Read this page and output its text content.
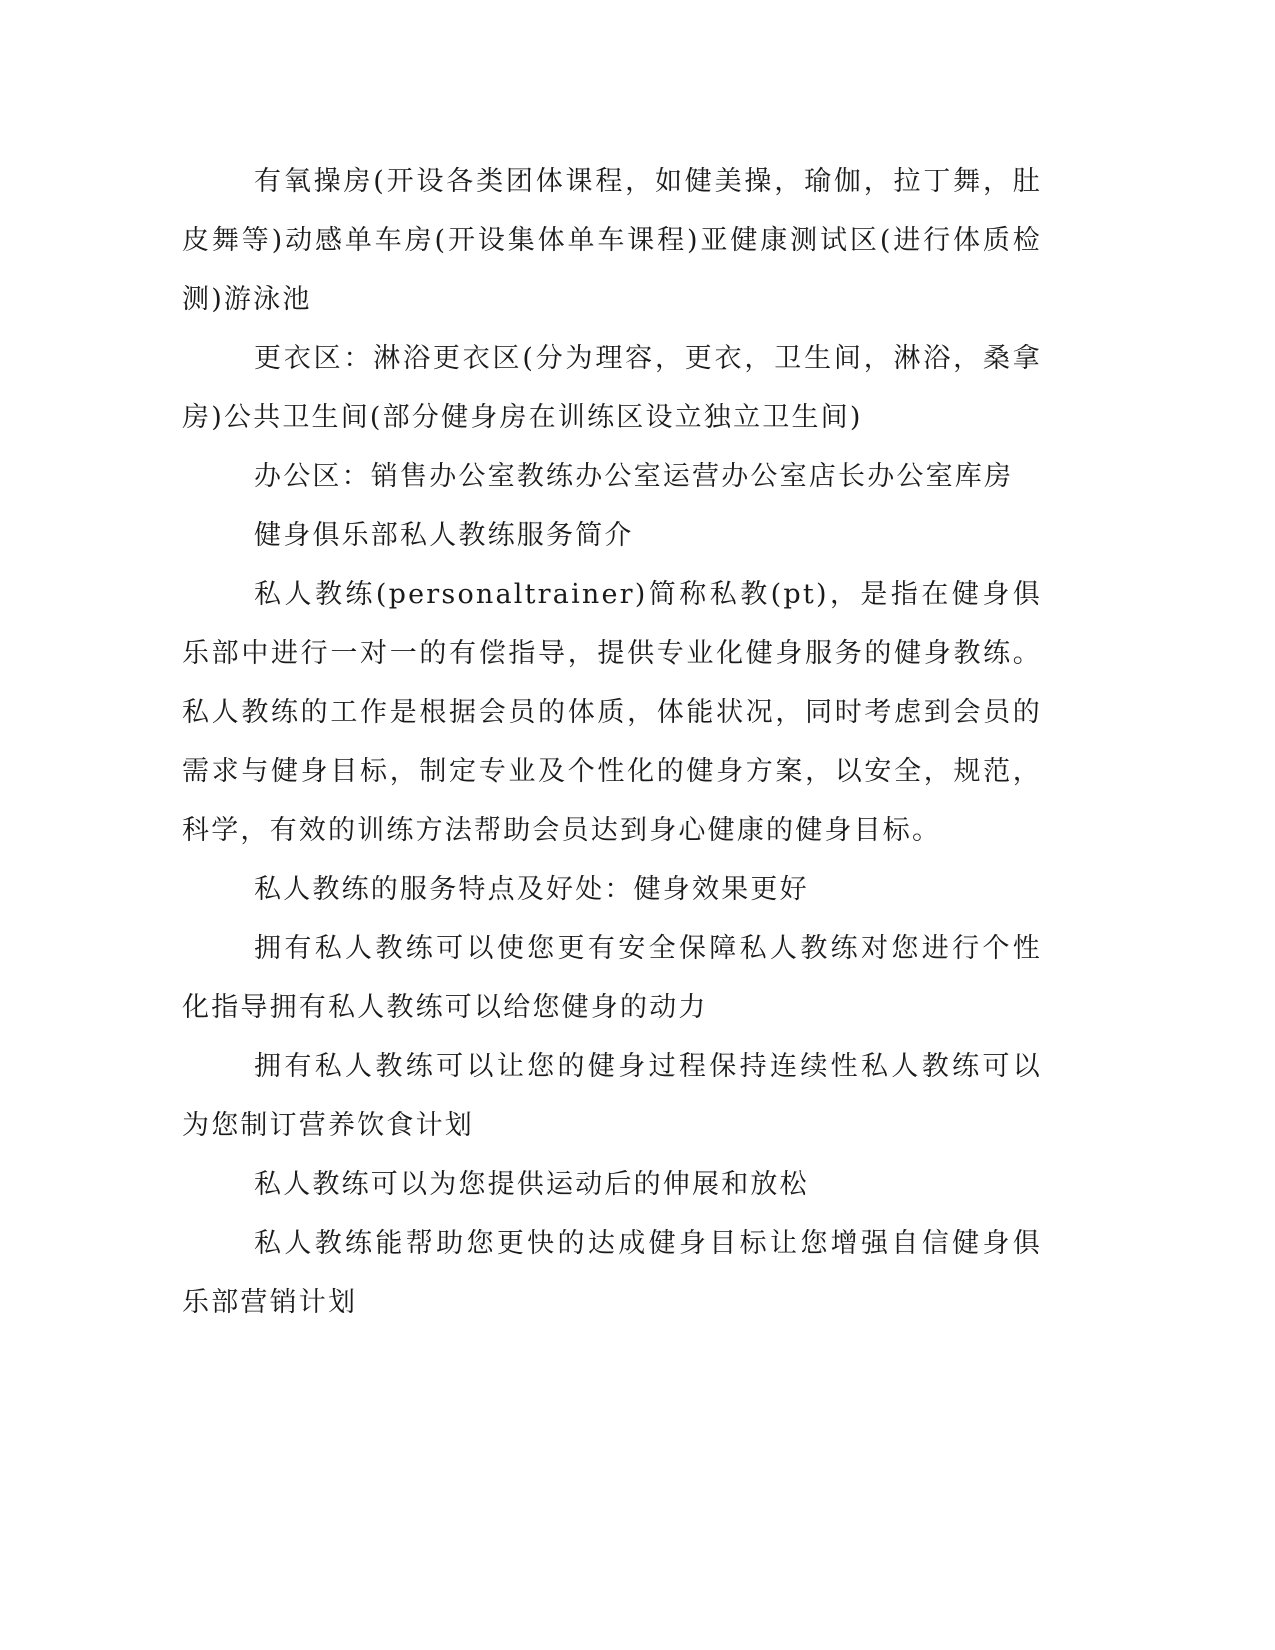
有氧操房(开设各类团体课程，如健美操，瑜伽，拉丁舞，肚皮舞等)动感单车房(开设集体单车课程)亚健康测试区(进行体质检测)游泳池

更衣区：淋浴更衣区(分为理容，更衣，卫生间，淋浴，桑拿房)公共卫生间(部分健身房在训练区设立独立卫生间)

办公区：销售办公室教练办公室运营办公室店长办公室库房

健身俱乐部私人教练服务简介

私人教练(personaltrainer)简称私教(pt)，是指在健身俱乐部中进行一对一的有偿指导，提供专业化健身服务的健身教练。私人教练的工作是根据会员的体质，体能状况，同时考虑到会员的需求与健身目标，制定专业及个性化的健身方案，以安全，规范，科学，有效的训练方法帮助会员达到身心健康的健身目标。

私人教练的服务特点及好处：健身效果更好

拥有私人教练可以使您更有安全保障私人教练对您进行个性化指导拥有私人教练可以给您健身的动力

拥有私人教练可以让您的健身过程保持连续性私人教练可以为您制订营养饮食计划

私人教练可以为您提供运动后的伸展和放松

私人教练能帮助您更快的达成健身目标让您增强自信健身俱乐部营销计划
